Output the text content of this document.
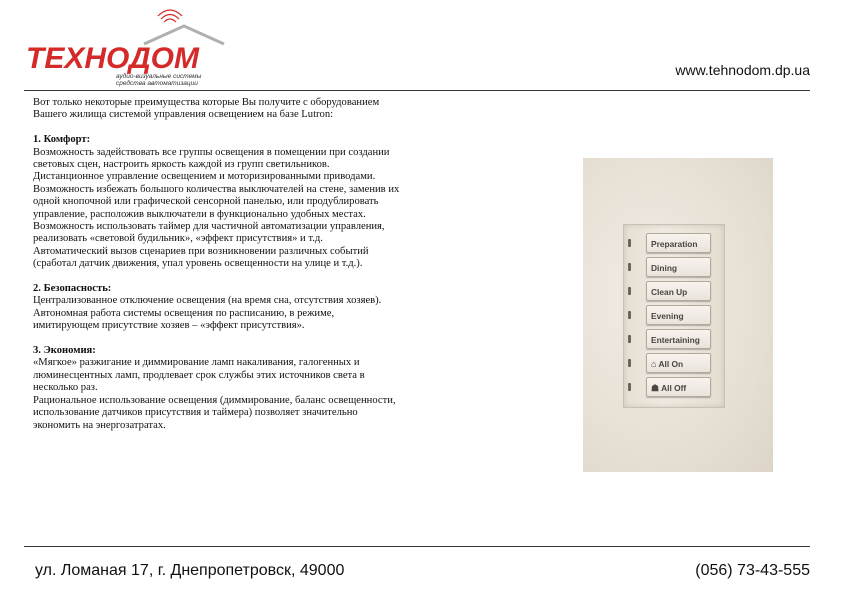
ТЕХНОДОМ
аудио-визуальные системы
средства автоматизации
www.tehnodom.dp.ua

Вот только некоторые преимущества которые Вы получите с оборудованием

Вашего жилища системой управления освещением на базе Lutron:

1. Комфорт:

Возможность задействовать все группы освещения в помещении при создании

световых сцен, настроить яркость каждой из групп светильников.

Дистанционное управление освещением и моторизированными приводами.

Возможность избежать большого количества выключателей на стене, заменив их

одной кнопочной или графической сенсорной панелью, или продублировать

управление, расположив выключатели в функционально удобных местах.

Возможность использовать таймер для частичной автоматизации управления,

реализовать «световой будильник», «эффект присутствия» и т.д.

Автоматический вызов сценариев при возникновении различных событий

(сработал датчик движения, упал уровень освещенности на улице и т.д.).

2. Безопасность:

Централизованное отключение освещения (на время сна, отсутствия хозяев).

Автономная работа системы освещения по расписанию, в режиме,

имитирующем присутствие хозяев – «эффект присутствия».

3. Экономия:

«Мягкое» разжигание и диммирование ламп накаливания, галогенных и

люминесцентных ламп, продлевает срок службы этих источников света в

несколько раз.

Рациональное использование освещения (диммирование, баланс освещенности,

использование датчиков присутствия и таймера) позволяет значительно

экономить на энергозатратах.

Preparation
Dining
Clean Up
Evening
Entertaining
⌂ All On
☗ All Off
ул. Ломаная 17, г. Днепропетровск, 49000	(056) 73-43-555
